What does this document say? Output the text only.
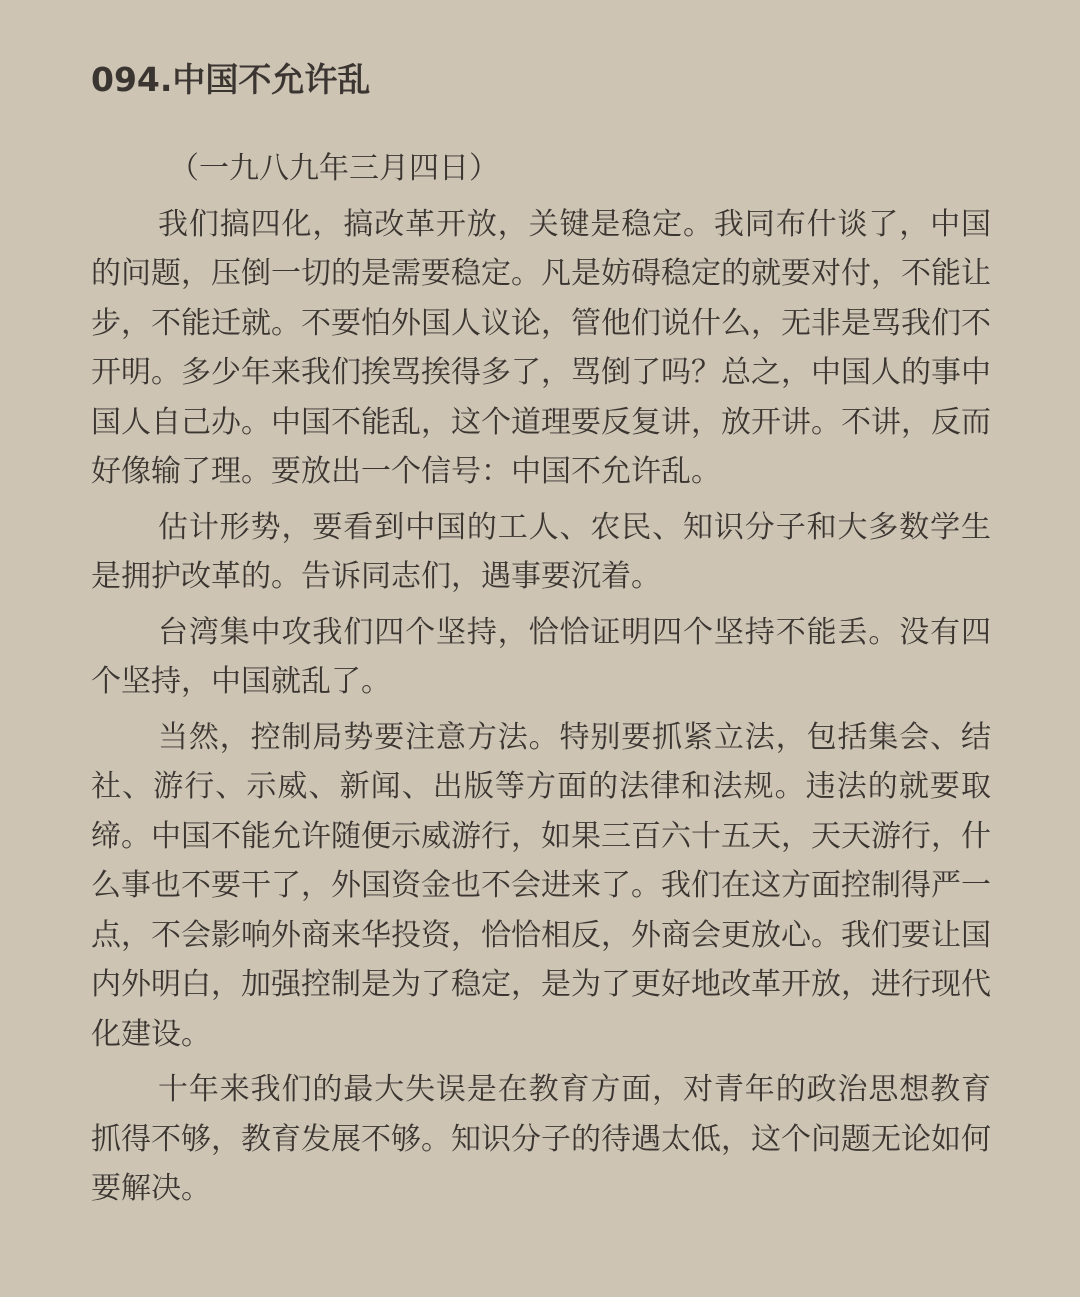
094.中国不允许乱

（一九八九年三月四日）

我们搞四化，搞改革开放，关键是稳定。我同布什谈了，中国的问题，压倒一切的是需要稳定。凡是妨碍稳定的就要对付，不能让步，不能迁就。不要怕外国人议论，管他们说什么，无非是骂我们不开明。多少年来我们挨骂挨得多了，骂倒了吗？总之，中国人的事中国人自己办。中国不能乱，这个道理要反复讲，放开讲。不讲，反而好像输了理。要放出一个信号：中国不允许乱。

估计形势，要看到中国的工人、农民、知识分子和大多数学生是拥护改革的。告诉同志们，遇事要沉着。

台湾集中攻我们四个坚持，恰恰证明四个坚持不能丢。没有四个坚持，中国就乱了。

当然，控制局势要注意方法。特别要抓紧立法，包括集会、结社、游行、示威、新闻、出版等方面的法律和法规。违法的就要取缔。中国不能允许随便示威游行，如果三百六十五天，天天游行，什么事也不要干了，外国资金也不会进来了。我们在这方面控制得严一点，不会影响外商来华投资，恰恰相反，外商会更放心。我们要让国内外明白，加强控制是为了稳定，是为了更好地改革开放，进行现代化建设。

十年来我们的最大失误是在教育方面，对青年的政治思想教育抓得不够，教育发展不够。知识分子的待遇太低，这个问题无论如何要解决。
